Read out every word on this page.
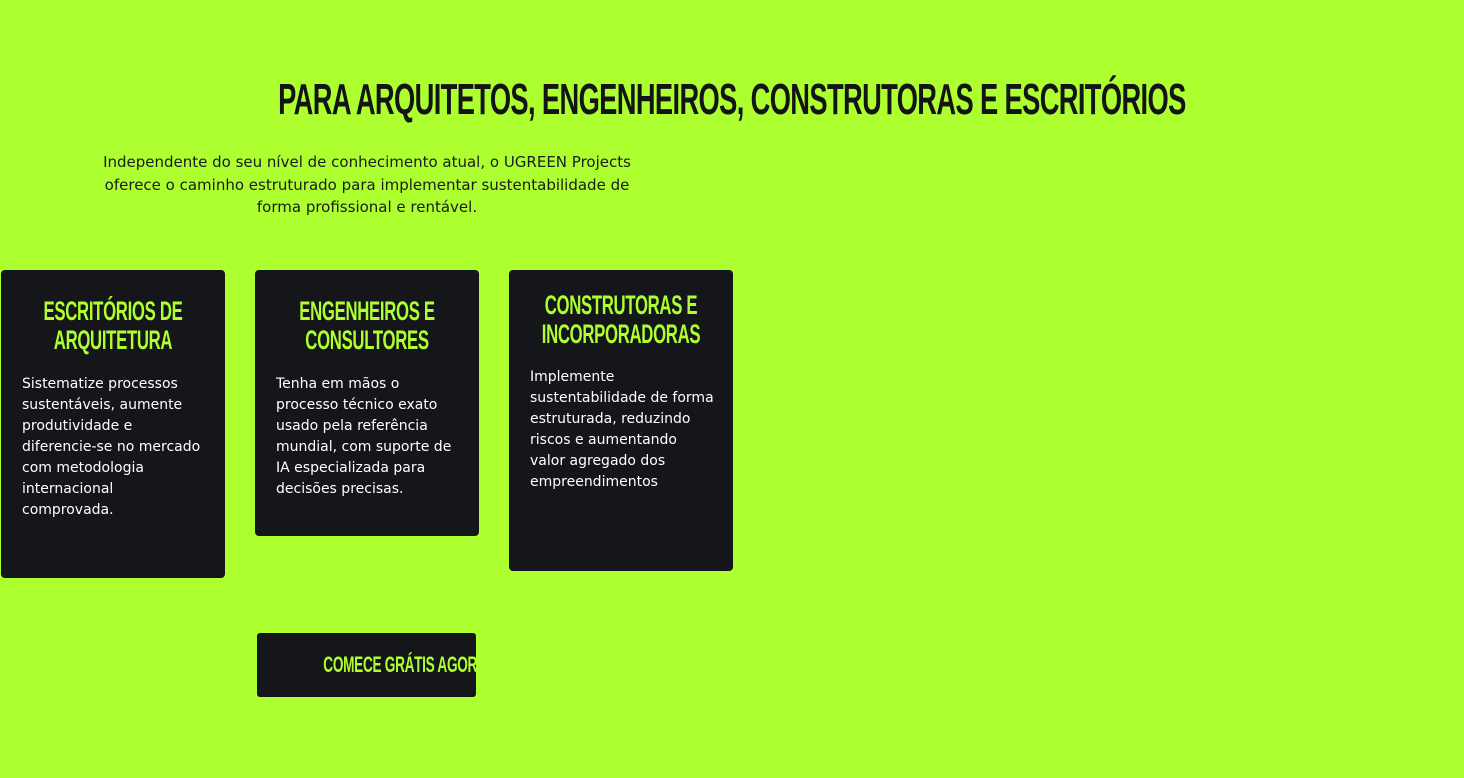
PARA ARQUITETOS, ENGENHEIROS, CONSTRUTORAS E ESCRITÓRIOS

Independente do seu nível de conhecimento atual, o UGREEN Projects oferece o caminho estruturado para implementar sustentabilidade de forma profissional e rentável.

ESCRITÓRIOS DE
ARQUITETURA

Sistematize processos sustentáveis, aumente produtividade e diferencie-se no mercado com metodologia internacional comprovada.

ENGENHEIROS E
CONSULTORES

Tenha em mãos o processo técnico exato usado pela referência mundial, com suporte de IA especializada para decisões precisas.

CONSTRUTORAS E
INCORPORADORAS

Implemente sustentabilidade de forma estruturada, reduzindo riscos e aumentando valor agregado dos empreendimentos

COMECE GRÁTIS AGORA MESMO
